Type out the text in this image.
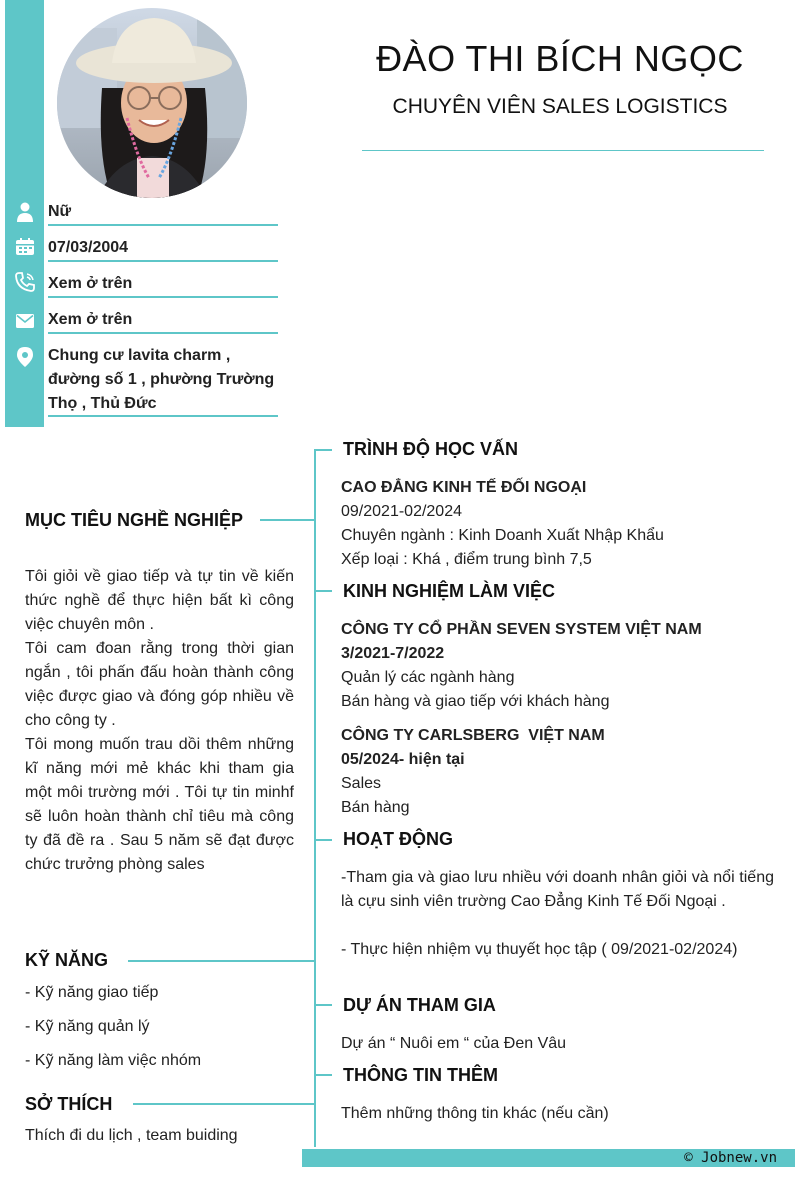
Nữ
07/03/2004
Xem ở trên
Xem ở trên
Chung cư lavita charm , đường số 1 , phường Trường Thọ , Thủ Đức
ĐÀO THI BÍCH NGỌC
CHUYÊN VIÊN SALES LOGISTICS
MỤC TIÊU NGHỀ NGHIỆP
Tôi giỏi về giao tiếp và tự tin về kiến thức nghề để thực hiện bất kì công việc chuyên môn .
Tôi cam đoan rằng trong thời gian ngắn , tôi phấn đấu hoàn thành công việc được giao và đóng góp nhiều về cho công ty .
Tôi mong muốn trau dồi thêm những kĩ năng mới mẻ khác khi tham gia một môi trường mới . Tôi tự tin minhf sẽ luôn hoàn thành chỉ tiêu mà công ty đã đề ra . Sau 5 năm sẽ đạt được chức trưởng phòng sales
KỸ NĂNG
- Kỹ năng giao tiếp
- Kỹ năng quản lý
- Kỹ năng làm việc nhóm
SỞ THÍCH
Thích đi du lịch , team buiding
TRÌNH ĐỘ HỌC VẤN
CAO ĐẲNG KINH TẾ ĐỐI NGOẠI
09/2021-02/2024
Chuyên ngành : Kinh Doanh Xuất Nhập Khẩu
Xếp loại : Khá , điểm trung bình 7,5
KINH NGHIỆM LÀM VIỆC
CÔNG TY CỔ PHẦN SEVEN SYSTEM VIỆT NAM
3/2021-7/2022
Quản lý các ngành hàng
Bán hàng và giao tiếp với khách hàng
CÔNG TY CARLSBERG  VIỆT NAM
05/2024- hiện tại
Sales
Bán hàng
HOẠT ĐỘNG
-Tham gia và giao lưu nhiều với doanh nhân giỏi và nổi tiếng là cựu sinh viên trường Cao Đẳng Kinh Tế Đối Ngoại .
- Thực hiện nhiệm vụ thuyết học tập ( 09/2021-02/2024)
DỰ ÁN THAM GIA
Dự án “ Nuôi em “ của Đen Vâu
THÔNG TIN THÊM
Thêm những thông tin khác (nếu cần)
© Jobnew.vn
